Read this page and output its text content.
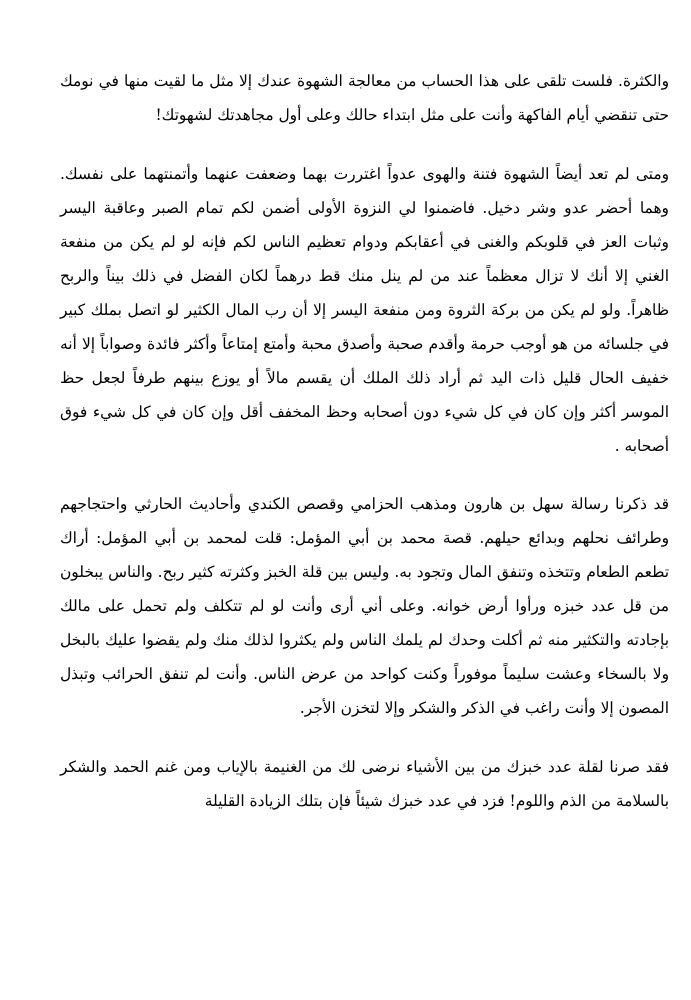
والكثرة. فلست تلقى على هذا الحساب من معالجة الشهوة عندك إلا مثل ما لقيت منها في نومك حتى تنقضي أيام الفاكهة وأنت على مثل ابتداء حالك وعلى أول مجاهدتك لشهوتك!

ومتى لم تعد أيضاً الشهوة فتنة والهوى عدواً اغتررت بهما وضعفت عنهما وأتمنتهما على نفسك. وهما أحضر عدو وشر دخيل. فاضمنوا لي النزوة الأولى أضمن لكم تمام الصبر وعاقبة اليسر وثبات العز في قلوبكم والغنى في أعقابكم ودوام تعظيم الناس لكم فإنه لو لم يكن من منفعة الغني إلا أنك لا تزال معظماً عند من لم ينل منك قط درهماً لكان الفضل في ذلك بيناً والربح ظاهراً. ولو لم يكن من بركة الثروة ومن منفعة اليسر إلا أن رب المال الكثير لو اتصل بملك كبير في جلسائه من هو أوجب حرمة وأقدم صحبة وأصدق محبة وأمتع إمتاعاً وأكثر فائدة وصواباً إلا أنه خفيف الحال قليل ذات اليد ثم أراد ذلك الملك أن يقسم مالاً أو يوزع بينهم طرفاً لجعل حظ الموسر أكثر وإن كان في كل شيء دون أصحابه وحظ المخفف أقل وإن كان في كل شيء فوق أصحابه .

قد ذكرنا رسالة سهل بن هارون ومذهب الحزامي وقصص الكندي وأحاديث الحارثي واحتجاجهم وطرائف نحلهم وبدائع حيلهم. قصة محمد بن أبي المؤمل: قلت لمحمد بن أبي المؤمل: أراك تطعم الطعام وتتخذه وتنفق المال وتجود به. وليس بين قلة الخبز وكثرته كثير ربح. والناس يبخلون من قل عدد خبزه ورأوا أرض خوانه. وعلى أني أرى وأنت لو لم تتكلف ولم تحمل على مالك بإجادته والتكثير منه ثم أكلت وحدك لم يلمك الناس ولم يكثروا لذلك منك ولم يقضوا عليك بالبخل ولا بالسخاء وعشت سليماً موفوراً وكنت كواحد من عرض الناس. وأنت لم تنفق الحرائب وتبذل المصون إلا وأنت راغب في الذكر والشكر وإلا لتخزن الأجر.

فقد صرنا لقلة عدد خبزك من بين الأشياء نرضى لك من الغنيمة بالإياب ومن غنم الحمد والشكر بالسلامة من الذم واللوم! فزد في عدد خبزك شيئاً فإن بتلك الزيادة القليلة
